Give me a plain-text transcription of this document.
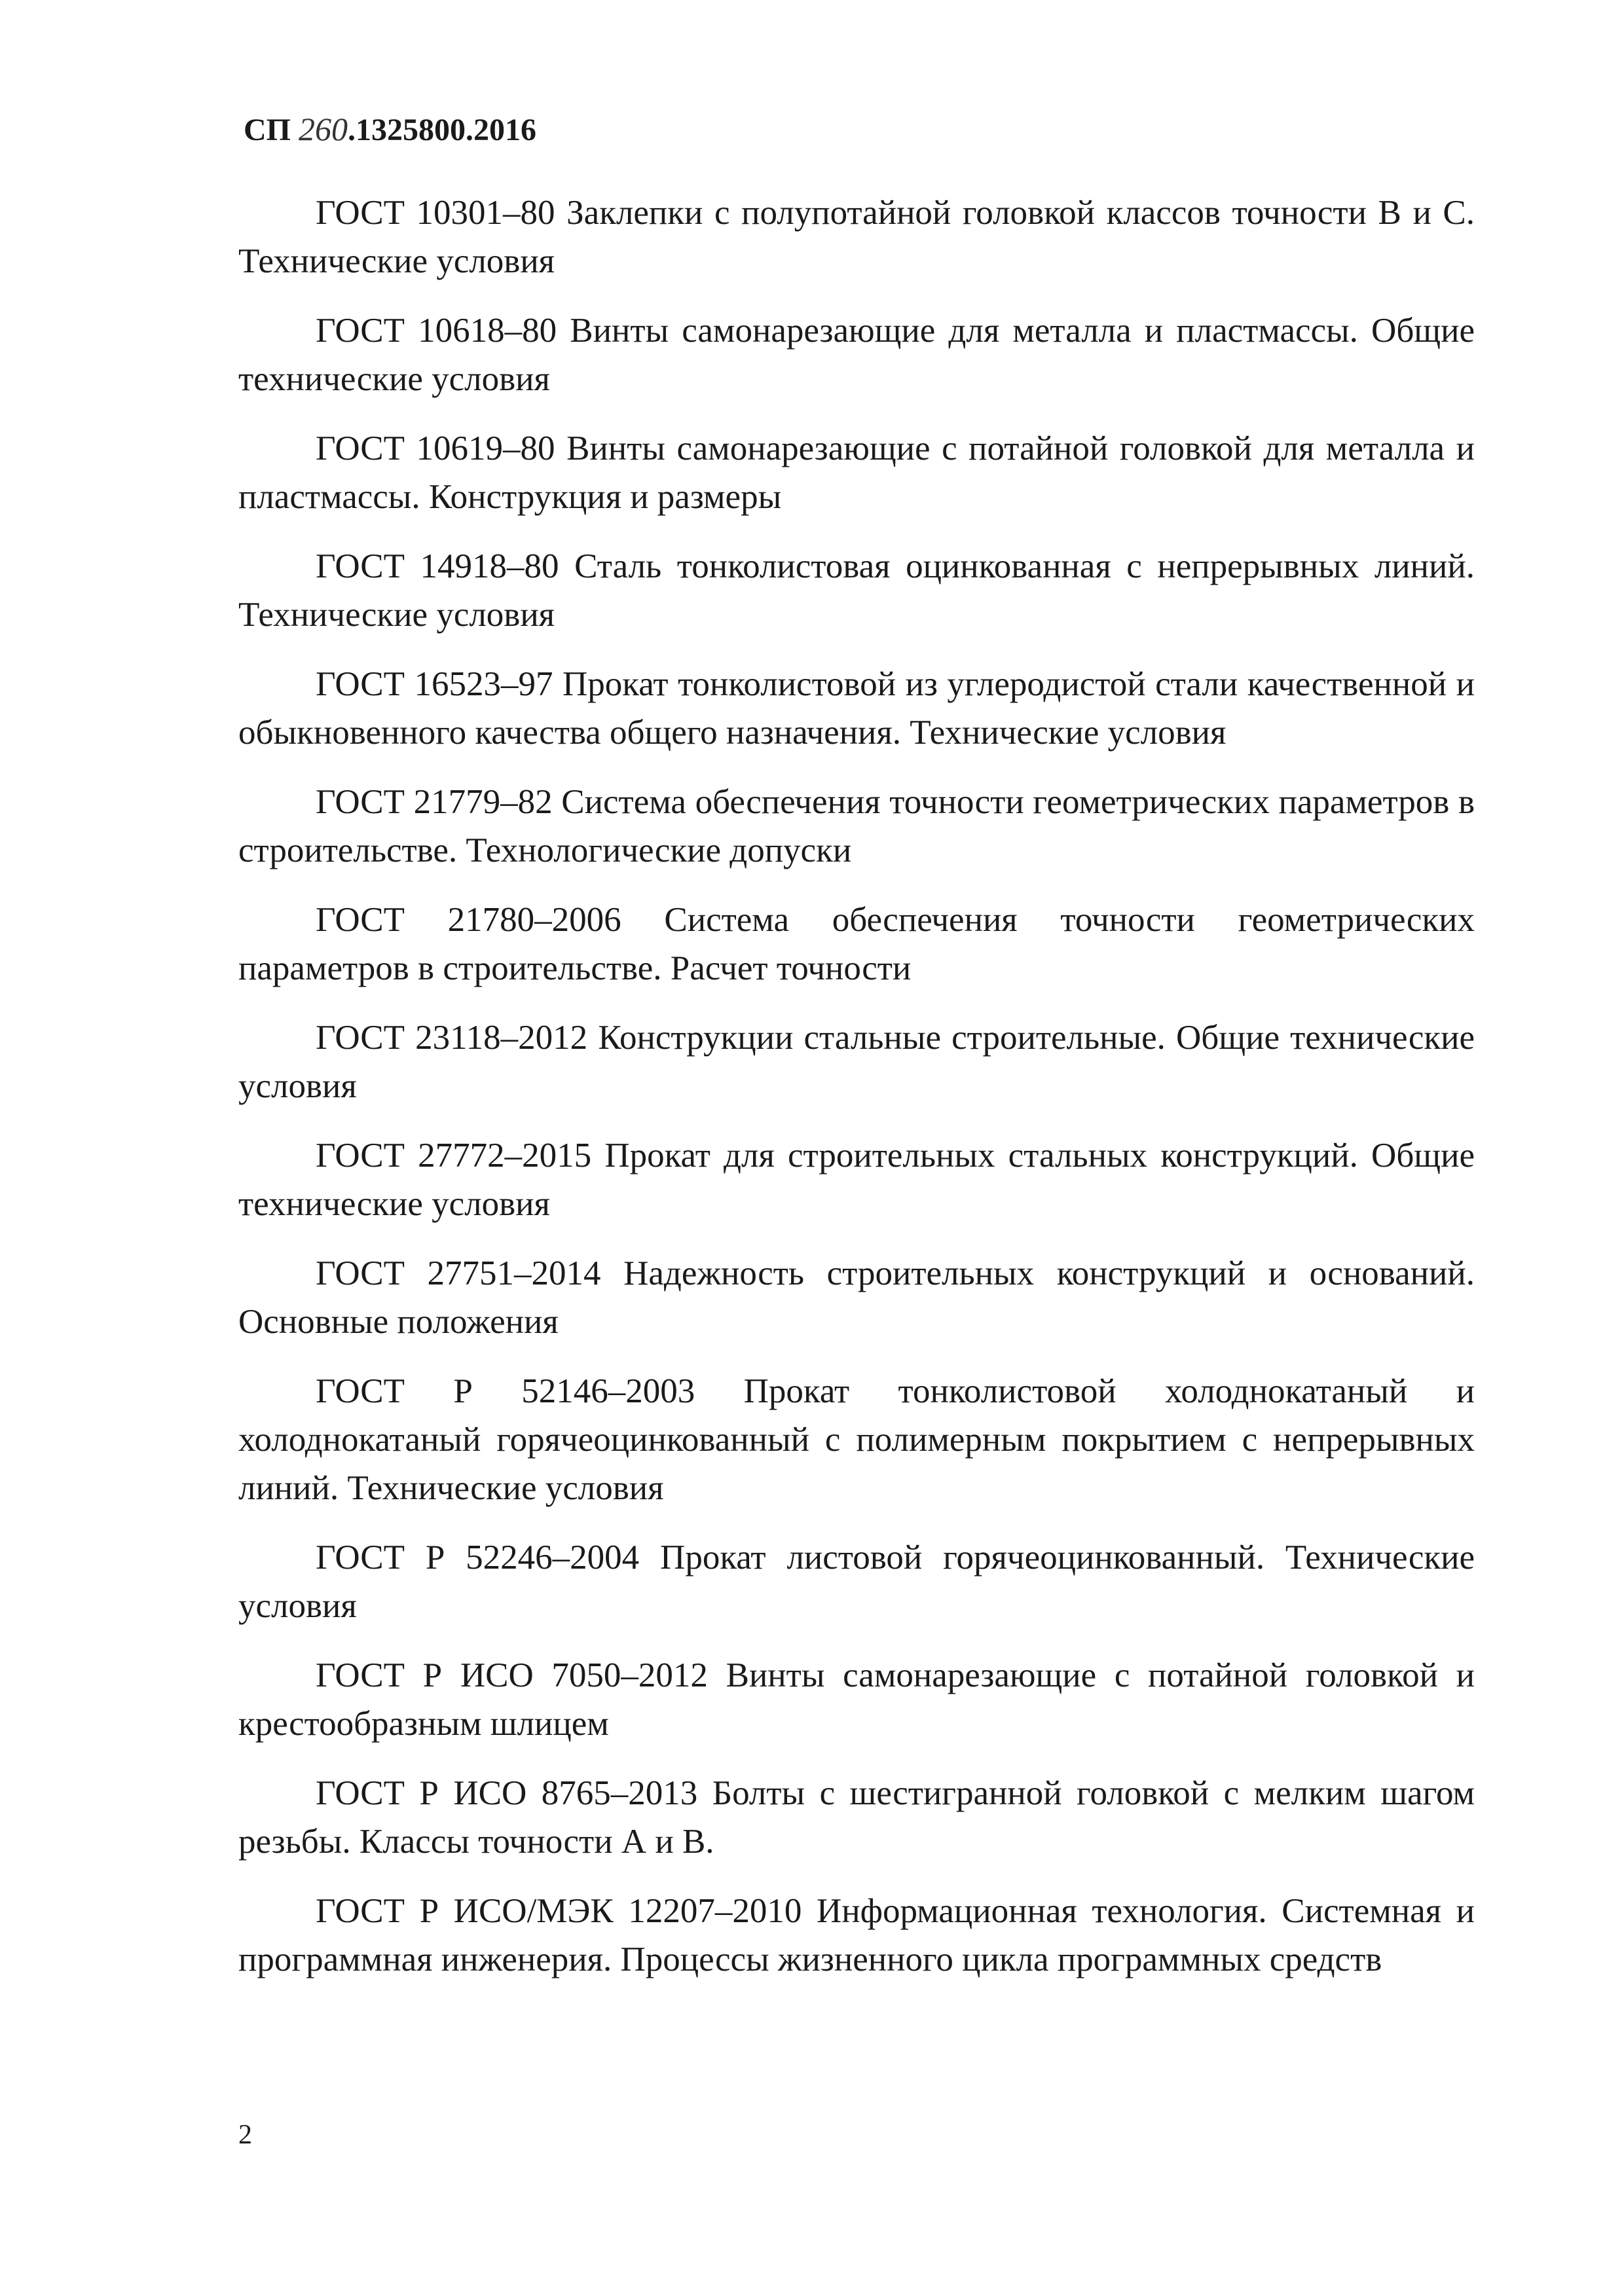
СП 260.1325800.2016

ГОСТ 10301–80 Заклепки с полупотайной головкой классов точности В и С. Технические условия

ГОСТ 10618–80 Винты самонарезающие для металла и пластмассы. Общие технические условия

ГОСТ 10619–80 Винты самонарезающие с потайной головкой для металла и пластмассы. Конструкция и размеры

ГОСТ 14918–80 Сталь тонколистовая оцинкованная с непрерывных линий. Технические условия

ГОСТ 16523–97 Прокат тонколистовой из углеродистой стали качественной и обыкновенного качества общего назначения. Технические условия

ГОСТ 21779–82 Система обеспечения точности геометрических параметров в строительстве. Технологические допуски

ГОСТ 21780–2006 Система обеспечения точности геометрических параметров в строительстве. Расчет точности

ГОСТ 23118–2012 Конструкции стальные строительные. Общие технические условия

ГОСТ 27772–2015 Прокат для строительных стальных конструкций. Общие технические условия

ГОСТ 27751–2014 Надежность строительных конструкций и оснований. Основные положения

ГОСТ Р 52146–2003 Прокат тонколистовой холоднокатаный и холоднокатаный горячеоцинкованный с полимерным покрытием с непрерывных линий. Технические условия

ГОСТ Р 52246–2004 Прокат листовой горячеоцинкованный. Технические условия

ГОСТ Р ИСО 7050–2012 Винты самонарезающие с потайной головкой и крестообразным шлицем

ГОСТ Р ИСО 8765–2013 Болты с шестигранной головкой с мелким шагом резьбы. Классы точности А и В.

ГОСТ Р ИСО/МЭК 12207–2010 Информационная технология. Системная и программная инженерия. Процессы жизненного цикла программных средств

2
